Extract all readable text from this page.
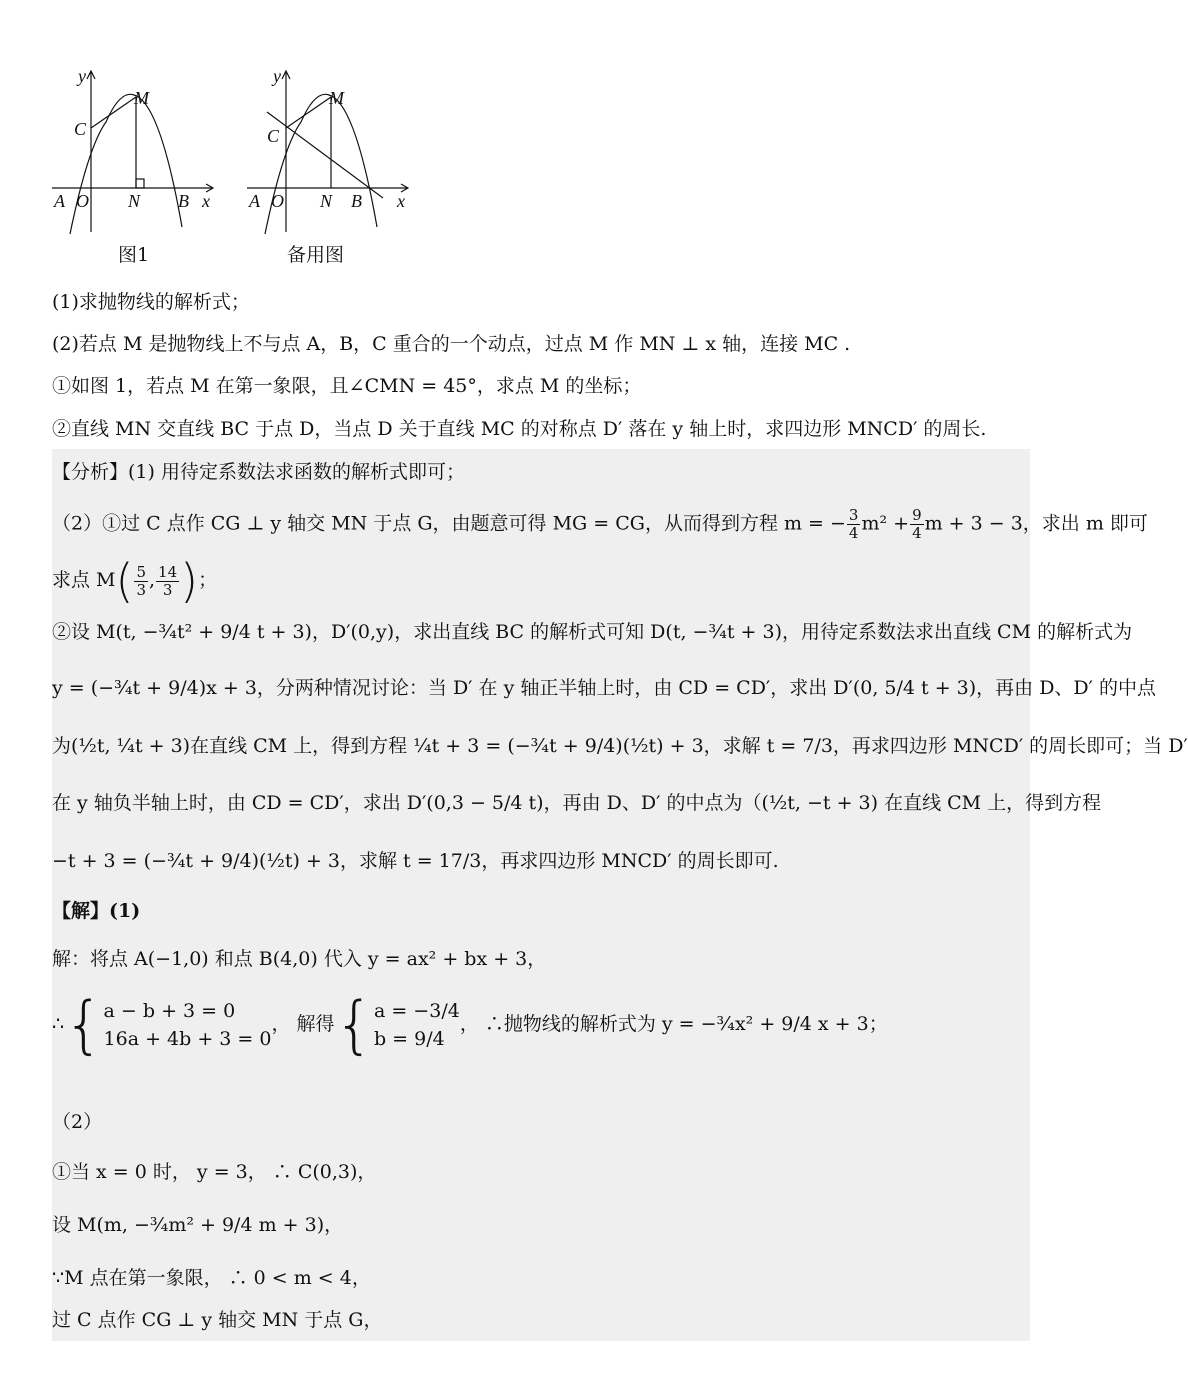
y
x
M
C
A O N B
图1
y
x
M
C
A O N B
备用图
(1)求抛物线的解析式；
(2)若点 M 是抛物线上不与点 A，B，C 重合的一个动点，过点 M 作 MN ⊥ x 轴，连接 MC .
①如图 1，若点 M 在第一象限，且∠CMN = 45°，求点 M 的坐标；
②直线 MN 交直线 BC 于点 D，当点 D 关于直线 MC 的对称点 D′ 落在 y 轴上时，求四边形 MNCD′ 的周长.
【分析】(1) 用待定系数法求函数的解析式即可；
（2）①过 C 点作 CG ⊥ y 轴交 MN 于点 G，由题意可得 MG = CG，从而得到方程 m = − $\frac{3}{4} m^2 + \frac{9}{4}$ m + 3 − 3，求出 m 即可
求点 $M( \frac{5}{3}$ , $\frac{14}{3}$ )；
②设 M(t, −¾t² + 9/4 t + 3)，D′(0,y)，求出直线 BC 的解析式可知 D(t, −¾t + 3)，用待定系数法求出直线 CM 的解析式为
y = (−¾t + 9/4)x + 3，分两种情况讨论：当 D′ 在 y 轴正半轴上时，由 CD = CD′，求出 D′(0, 5/4 t + 3)，再由 D、D′ 的中点
为(½t, ¼t + 3)在直线 CM 上，得到方程 ¼t + 3 = (−¾t + 9/4)(½t) + 3，求解 t = 7/3，再求四边形 MNCD′ 的周长即可；当 D′
在 y 轴负半轴上时，由 CD = CD′，求出 D′(0,3 − 5/4 t)，再由 D、D′ 的中点为（(½t, −t + 3) 在直线 CM 上，得到方程
−t + 3 = (−¾t + 9/4)(½t) + 3，求解 t = 17/3，再求四边形 MNCD′ 的周长即可.
【解】(1)
解：将点 A(−1,0) 和点 B(4,0) 代入 y = ax² + bx + 3，
∴{ a − b + 3 = 0
16a + 4b + 3 = 0
， 解得{ a = −3/4
b = 9/4
， ∴抛物线的解析式为 y = −¾x² + 9/4 x + 3；
（2）
①当 x = 0 时， y = 3， ∴ C(0,3)，
设 M(m, −¾m² + 9/4 m + 3)，
∵M 点在第一象限， ∴ 0 < m < 4，
过 C 点作 CG ⊥ y 轴交 MN 于点 G，
